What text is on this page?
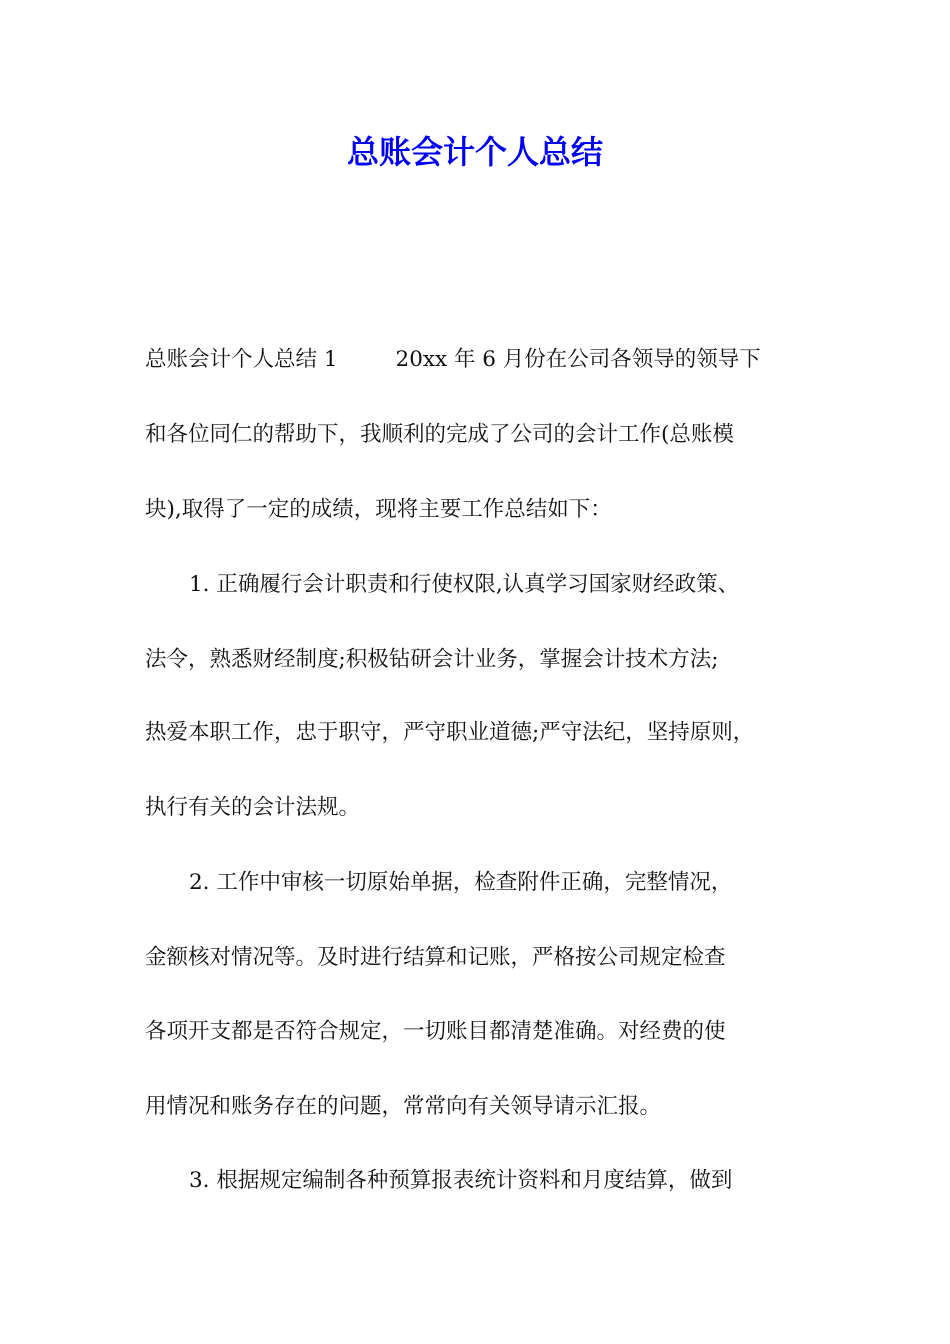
总账会计个人总结
总账会计个人总结 1	20xx 年 6 月份在公司各领导的领导下
和各位同仁的帮助下，我顺利的完成了公司的会计工作(总账模
块),取得了一定的成绩，现将主要工作总结如下：
1. 正确履行会计职责和行使权限,认真学习国家财经政策、
法令，熟悉财经制度;积极钻研会计业务，掌握会计技术方法;
热爱本职工作，忠于职守，严守职业道德;严守法纪，坚持原则，
执行有关的会计法规。
2. 工作中审核一切原始单据，检查附件正确，完整情况，
金额核对情况等。及时进行结算和记账，严格按公司规定检查
各项开支都是否符合规定，一切账目都清楚准确。对经费的使
用情况和账务存在的问题，常常向有关领导请示汇报。
3. 根据规定编制各种预算报表统计资料和月度结算，做到
